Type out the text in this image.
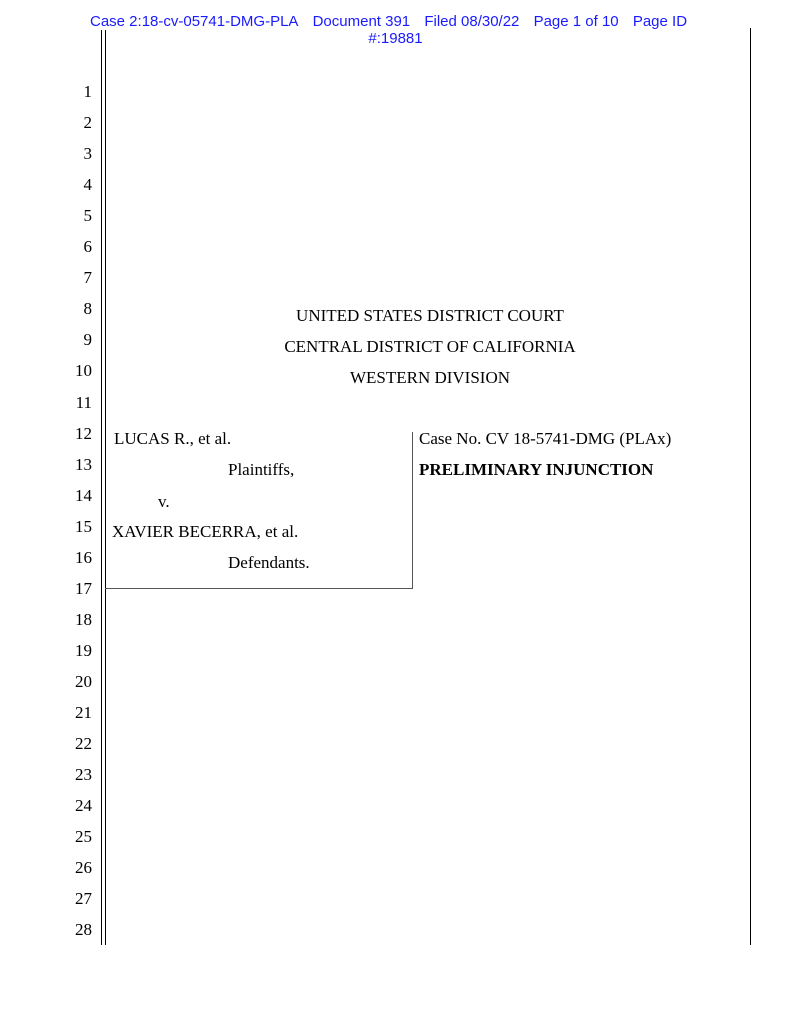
Case 2:18-cv-05741-DMG-PLA Document 391 Filed 08/30/22 Page 1 of 10 Page ID
#:19881
1
2
3
4
5
6
7
8
9
10
11
12
13
14
15
16
17
18
19
20
21
22
23
24
25
26
27
28
UNITED STATES DISTRICT COURT
CENTRAL DISTRICT OF CALIFORNIA
WESTERN DIVISION
LUCAS R., et al.
Plaintiffs,
v.
XAVIER BECERRA, et al.
Defendants.
Case No. CV 18-5741-DMG (PLAx)
PRELIMINARY INJUNCTION
